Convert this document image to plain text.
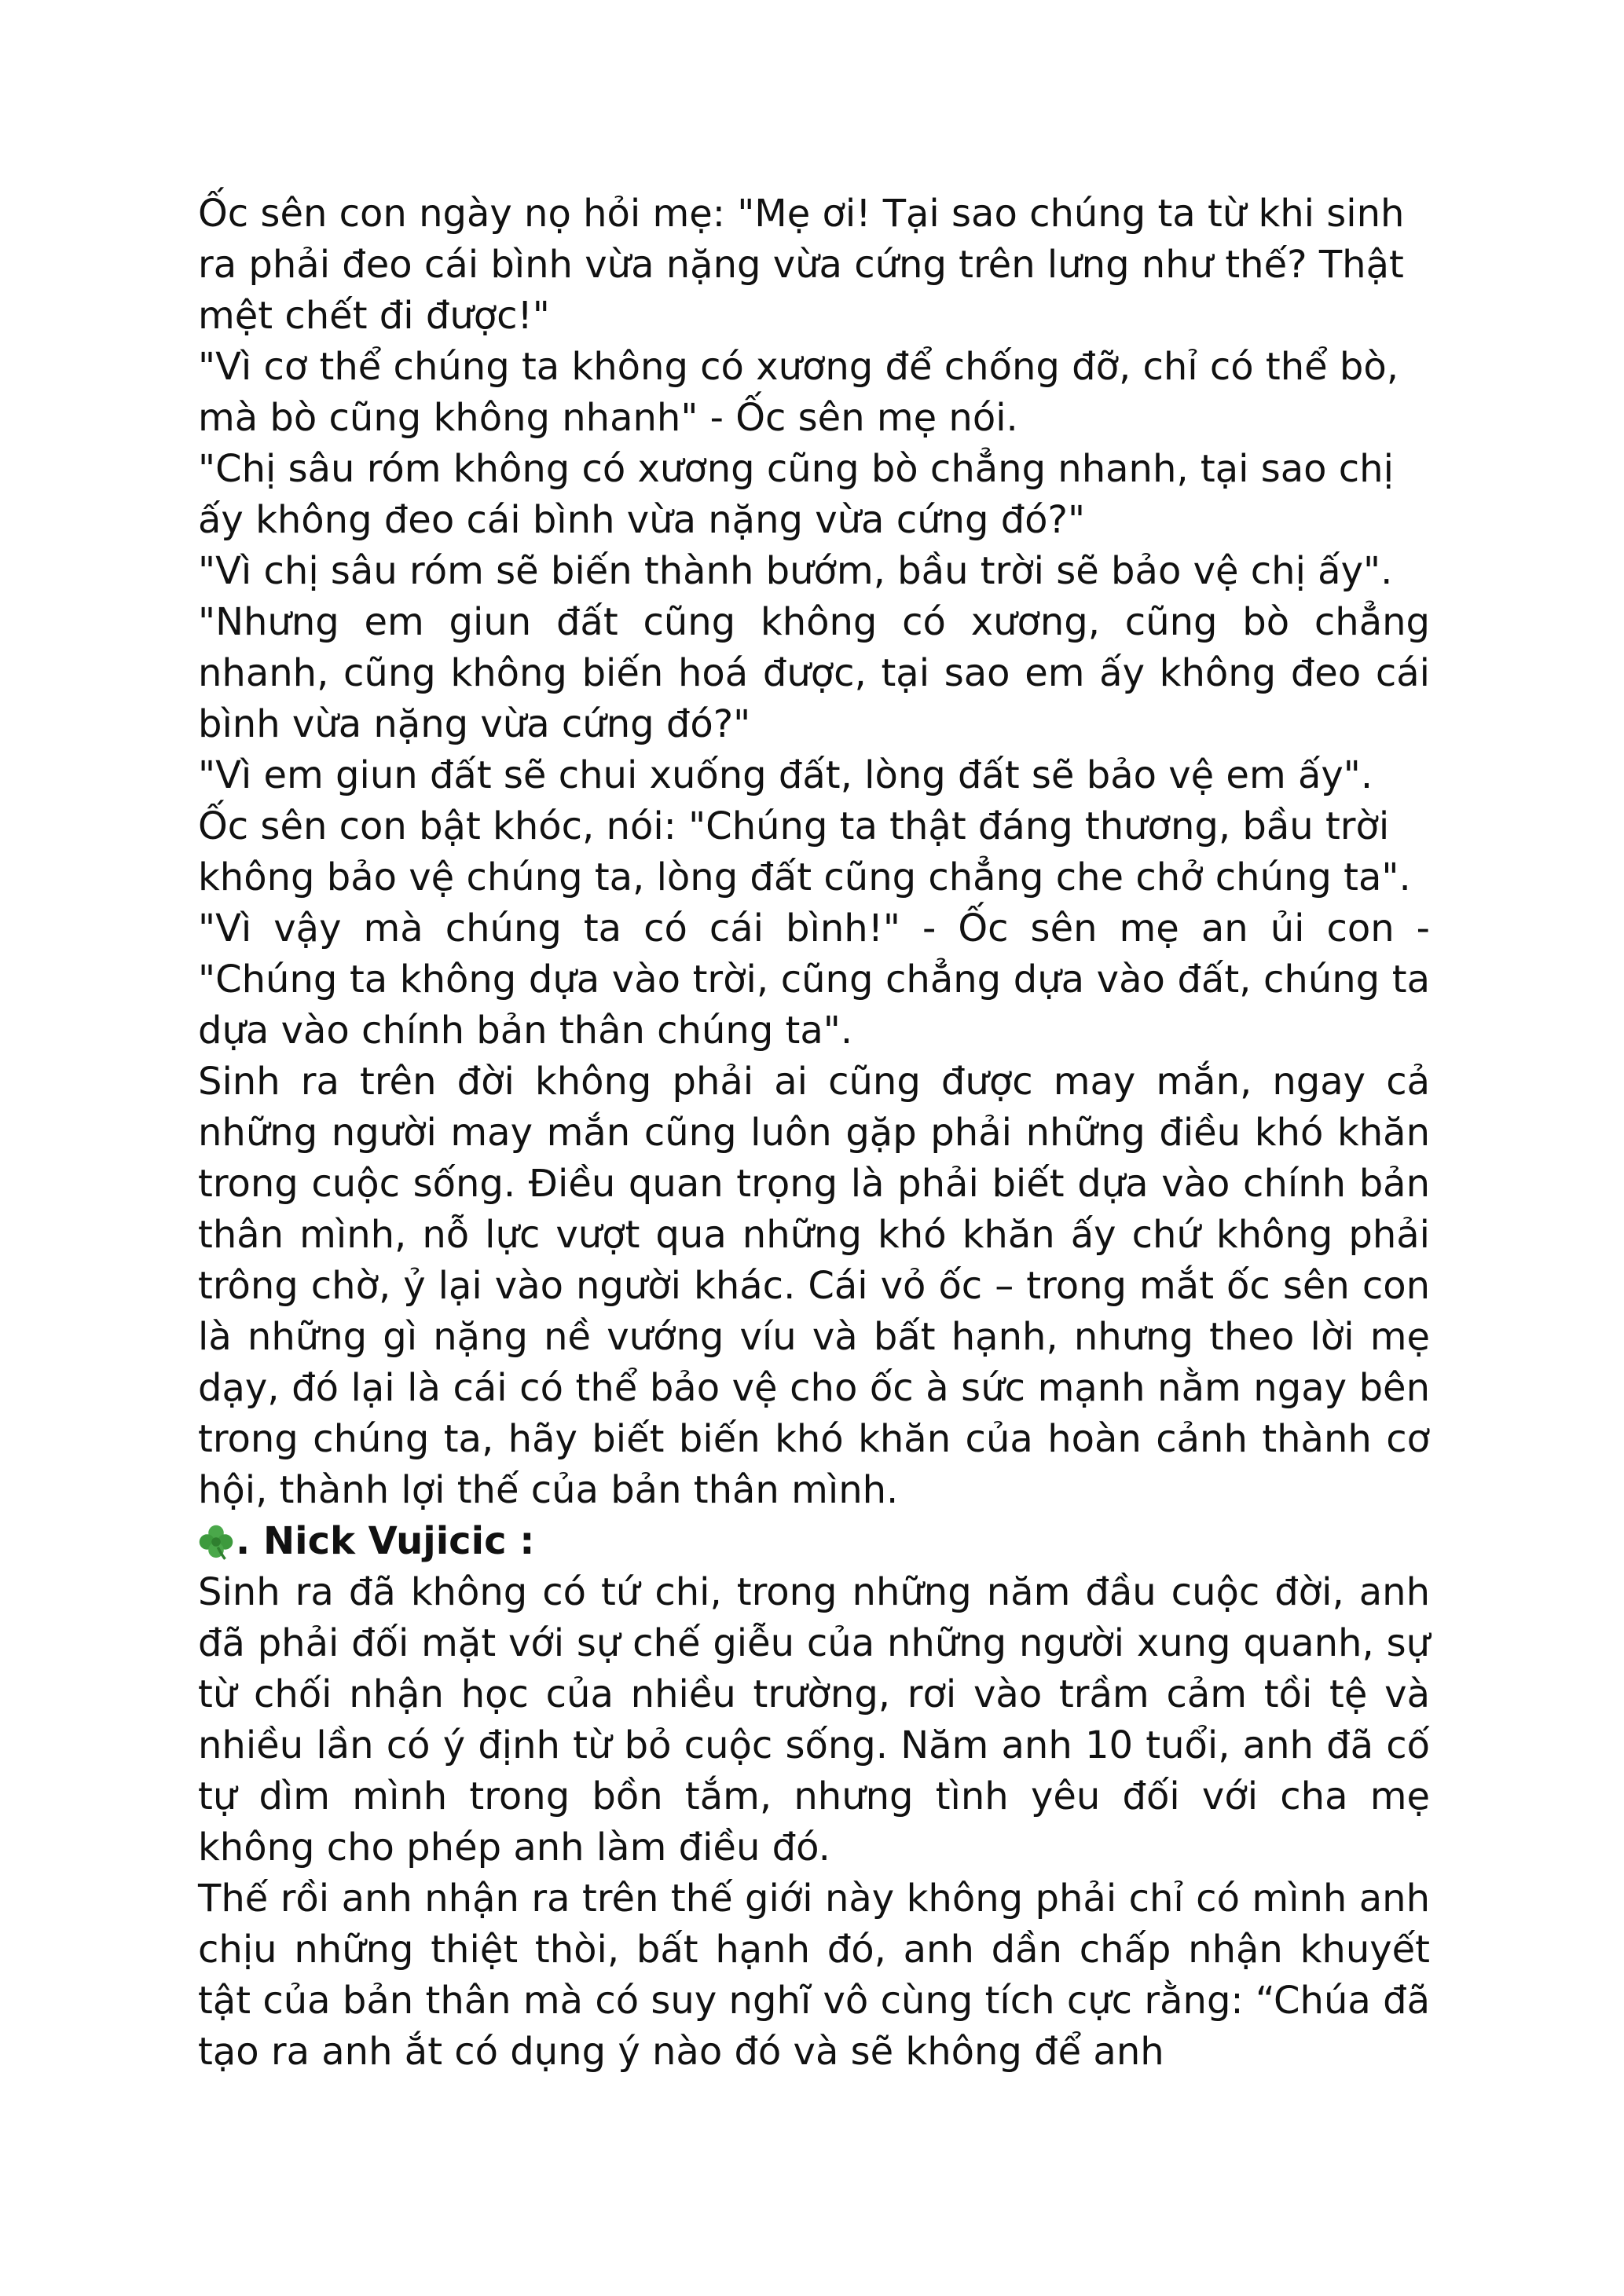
Ốc sên con ngày nọ hỏi mẹ: "Mẹ ơi! Tại sao chúng ta từ khi sinh ra phải đeo cái bình vừa nặng vừa cứng trên lưng như thế? Thật mệt chết đi được!"

"Vì cơ thể chúng ta không có xương để chống đỡ, chỉ có thể bò, mà bò cũng không nhanh" - Ốc sên mẹ nói.

"Chị sâu róm không có xương cũng bò chẳng nhanh, tại sao chị ấy không đeo cái bình vừa nặng vừa cứng đó?"

"Vì chị sâu róm sẽ biến thành bướm, bầu trời sẽ bảo vệ chị ấy".

"Nhưng em giun đất cũng không có xương, cũng bò chẳng nhanh, cũng không biến hoá được, tại sao em ấy không đeo cái bình vừa nặng vừa cứng đó?"

"Vì em giun đất sẽ chui xuống đất, lòng đất sẽ bảo vệ em ấy".

Ốc sên con bật khóc, nói: "Chúng ta thật đáng thương, bầu trời không bảo vệ chúng ta, lòng đất cũng chẳng che chở chúng ta".

"Vì vậy mà chúng ta có cái bình!" - Ốc sên mẹ an ủi con - "Chúng ta không dựa vào trời, cũng chẳng dựa vào đất, chúng ta dựa vào chính bản thân chúng ta".

Sinh ra trên đời không phải ai cũng được may mắn, ngay cả những người may mắn cũng luôn gặp phải những điều khó khăn trong cuộc sống. Điều quan trọng là phải biết dựa vào chính bản thân mình, nỗ lực vượt qua những khó khăn ấy chứ không phải trông chờ, ỷ lại vào người khác. Cái vỏ ốc – trong mắt ốc sên con là những gì nặng nề vướng víu và bất hạnh, nhưng theo lời mẹ dạy, đó lại là cái có thể bảo vệ cho ốc à sức mạnh nằm ngay bên trong chúng ta, hãy biết biến khó khăn của hoàn cảnh thành cơ hội, thành lợi thế của bản thân mình.

. Nick Vujicic :

Sinh ra đã không có tứ chi, trong những năm đầu cuộc đời, anh đã phải đối mặt với sự chế giễu của những người xung quanh, sự từ chối nhận học của nhiều trường, rơi vào trầm cảm tồi tệ và nhiều lần có ý định từ bỏ cuộc sống. Năm anh 10 tuổi, anh đã cố tự dìm mình trong bồn tắm, nhưng tình yêu đối với cha mẹ không cho phép anh làm điều đó.

Thế rồi anh nhận ra trên thế giới này không phải chỉ có mình anh chịu những thiệt thòi, bất hạnh đó, anh dần chấp nhận khuyết tật của bản thân mà có suy nghĩ vô cùng tích cực rằng: “Chúa đã tạo ra anh ắt có dụng ý nào đó và sẽ không để anh
